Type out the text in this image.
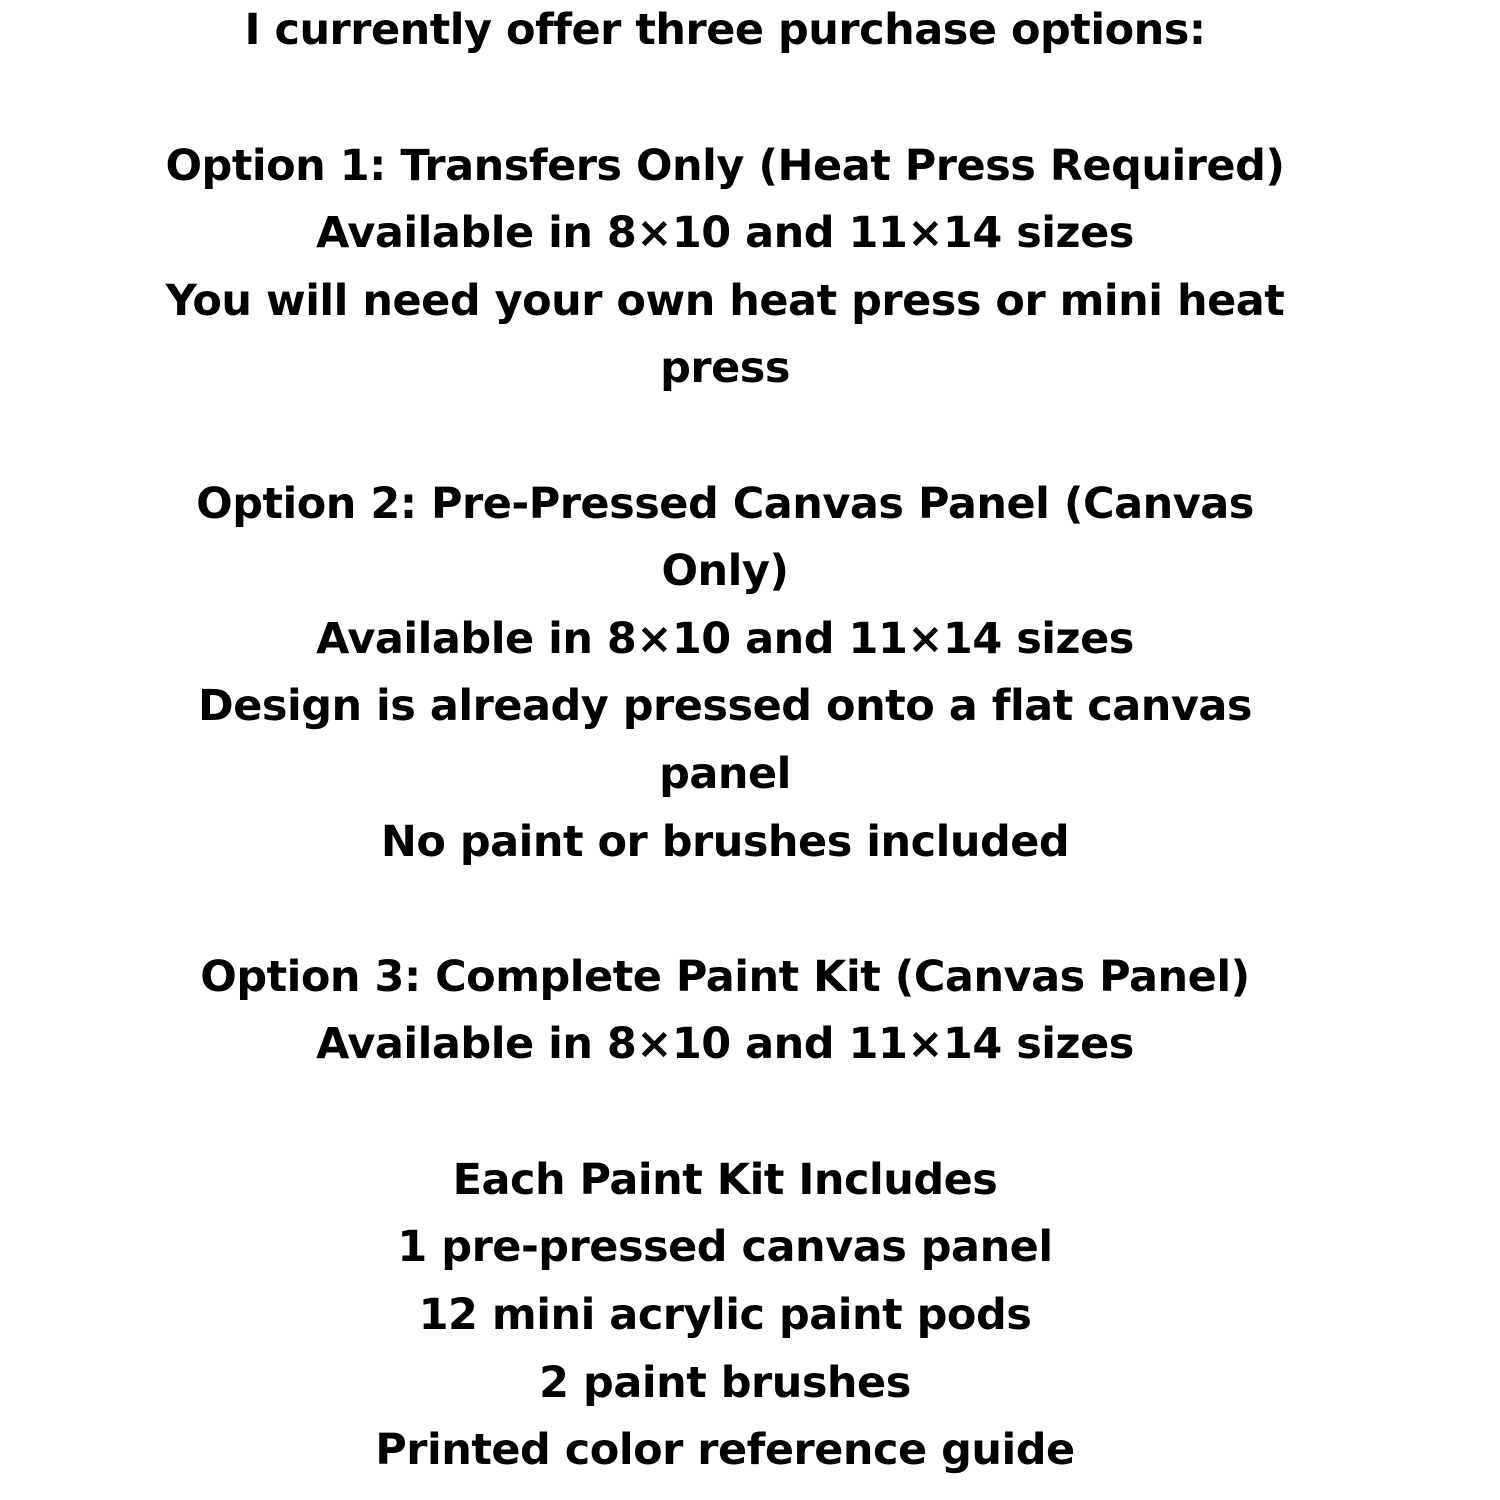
I currently offer three purchase options:
Option 1: Transfers Only (Heat Press Required)
Available in 8×10 and 11×14 sizes
You will need your own heat press or mini heat
press
Option 2: Pre-Pressed Canvas Panel (Canvas
Only)
Available in 8×10 and 11×14 sizes
Design is already pressed onto a flat canvas
panel
No paint or brushes included
Option 3: Complete Paint Kit (Canvas Panel)
Available in 8×10 and 11×14 sizes
Each Paint Kit Includes
1 pre-pressed canvas panel
12 mini acrylic paint pods
2 paint brushes
Printed color reference guide
